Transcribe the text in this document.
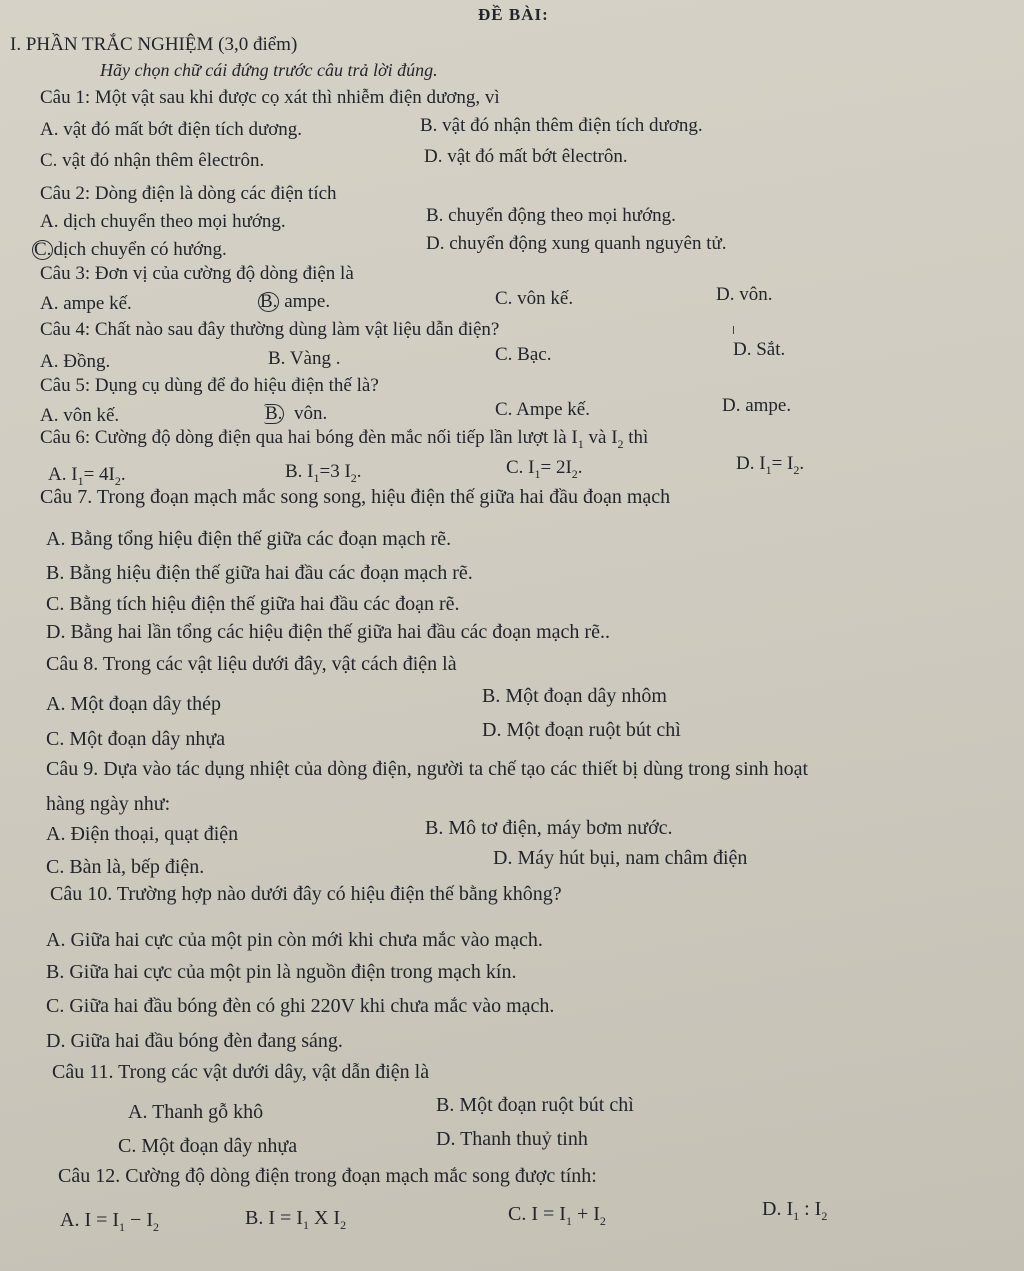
ĐỀ BÀI:
I. PHẦN TRẮC NGHIỆM (3,0 điểm)
Hãy chọn chữ cái đứng trước câu trả lời đúng.
Câu 1: Một vật sau khi được cọ xát thì nhiễm điện dương, vì
A. vật đó mất bớt điện tích dương.	B. vật đó nhận thêm điện tích dương.
C. vật đó nhận thêm êlectrôn.	D. vật đó mất bớt êlectrôn.
Câu 2: Dòng điện là dòng các điện tích
A. dịch chuyển theo mọi hướng.	B. chuyển động theo mọi hướng.
C. dịch chuyển có hướng.	D. chuyển động xung quanh nguyên tử.
Câu 3: Đơn vị của cường độ dòng điện là
A. ampe kế.	B. ampe.	C. vôn kế.	D. vôn.
Câu 4: Chất nào sau đây thường dùng làm vật liệu dẫn điện?
A. Đồng.	B. Vàng .	C. Bạc.	D. Sắt.
Câu 5: Dụng cụ dùng để đo hiệu điện thế là?
A. vôn kế.	B. vôn.	C. Ampe kế.	D. ampe.
Câu 6: Cường độ dòng điện qua hai bóng đèn mắc nối tiếp lần lượt là $I_1$ và $I_2$ thì
A. $I_1= 4I_2$.	B. $I_1=3$ $I_2$.	C. $I_1= 2I_2$.	D. $I_1= I_2$.
Câu 7. Trong đoạn mạch mắc song song, hiệu điện thế giữa hai đầu đoạn mạch
A. Bằng tổng hiệu điện thế giữa các đoạn mạch rẽ.
B. Bằng hiệu điện thế giữa hai đầu các đoạn mạch rẽ.
C. Bằng tích hiệu điện thế giữa hai đầu các đoạn rẽ.
D. Bằng hai lần tổng các hiệu điện thế giữa hai đầu các đoạn mạch rẽ..
Câu 8. Trong các vật liệu dưới đây, vật cách điện là
A. Một đoạn dây thép	B. Một đoạn dây nhôm
C. Một đoạn dây nhựa	D. Một đoạn ruột bút chì
Câu 9. Dựa vào tác dụng nhiệt của dòng điện, người ta chế tạo các thiết bị dùng trong sinh hoạt
hàng ngày như:
A. Điện thoại, quạt điện	B. Mô tơ điện, máy bơm nước.
C. Bàn là, bếp điện.	D. Máy hút bụi, nam châm điện
Câu 10. Trường hợp nào dưới đây có hiệu điện thế bằng không?
A. Giữa hai cực của một pin còn mới khi chưa mắc vào mạch.
B. Giữa hai cực của một pin là nguồn điện trong mạch kín.
C. Giữa hai đầu bóng đèn có ghi 220V khi chưa mắc vào mạch.
D. Giữa hai đầu bóng đèn đang sáng.
Câu 11. Trong các vật dưới dây, vật dẫn điện là
A. Thanh gỗ khô	B. Một đoạn ruột bút chì
C. Một đoạn dây nhựa	D. Thanh thuỷ tinh
Câu 12. Cường độ dòng điện trong đoạn mạch mắc song được tính:
A. $I = I_1 - I_2$	B. $I = I_1$ X $I_2$	C. $I = I_1 + I_2$
D. $I_1$ : $I_2$
